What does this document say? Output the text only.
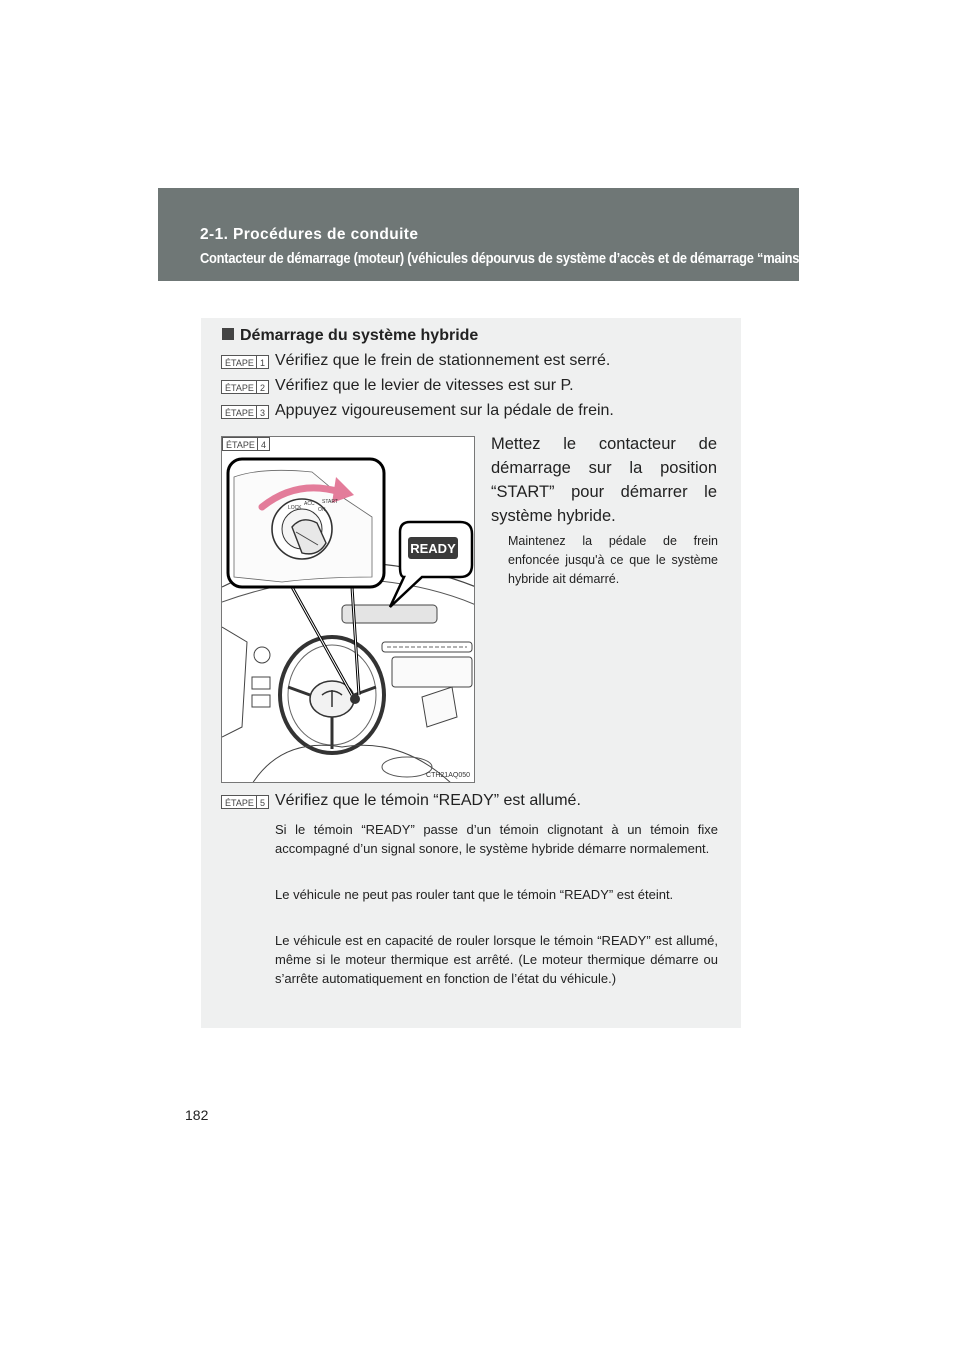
2-1. Procédures de conduite
Contacteur de démarrage (moteur) (véhicules dépourvus de système d’accès et de démarrage “mains libres”)
Démarrage du système hybride
ÉTAPE 1 Vérifiez que le frein de stationnement est serré.
ÉTAPE 2 Vérifiez que le levier de vitesses est sur P.
ÉTAPE 3 Appuyez vigoureusement sur la pédale de frein.
LOCK
ACC
ON
START
READY
ÉTAPE 4
CTH21AQ050
Mettez le contacteur de démarrage sur la position “START” pour démarrer le système hybride.
Maintenez la pédale de frein enfoncée jusqu'à ce que le système hybride ait démarré.
ÉTAPE 5 Vérifiez que le témoin “READY” est allumé.
Si le témoin “READY” passe d’un témoin clignotant à un témoin fixe accompagné d’un signal sonore, le système hybride démarre normalement.
Le véhicule ne peut pas rouler tant que le témoin “READY” est éteint.
Le véhicule est en capacité de rouler lorsque le témoin “READY” est allumé, même si le moteur thermique est arrêté. (Le moteur thermique démarre ou s’arrête automatiquement en fonction de l’état du véhicule.)
182
